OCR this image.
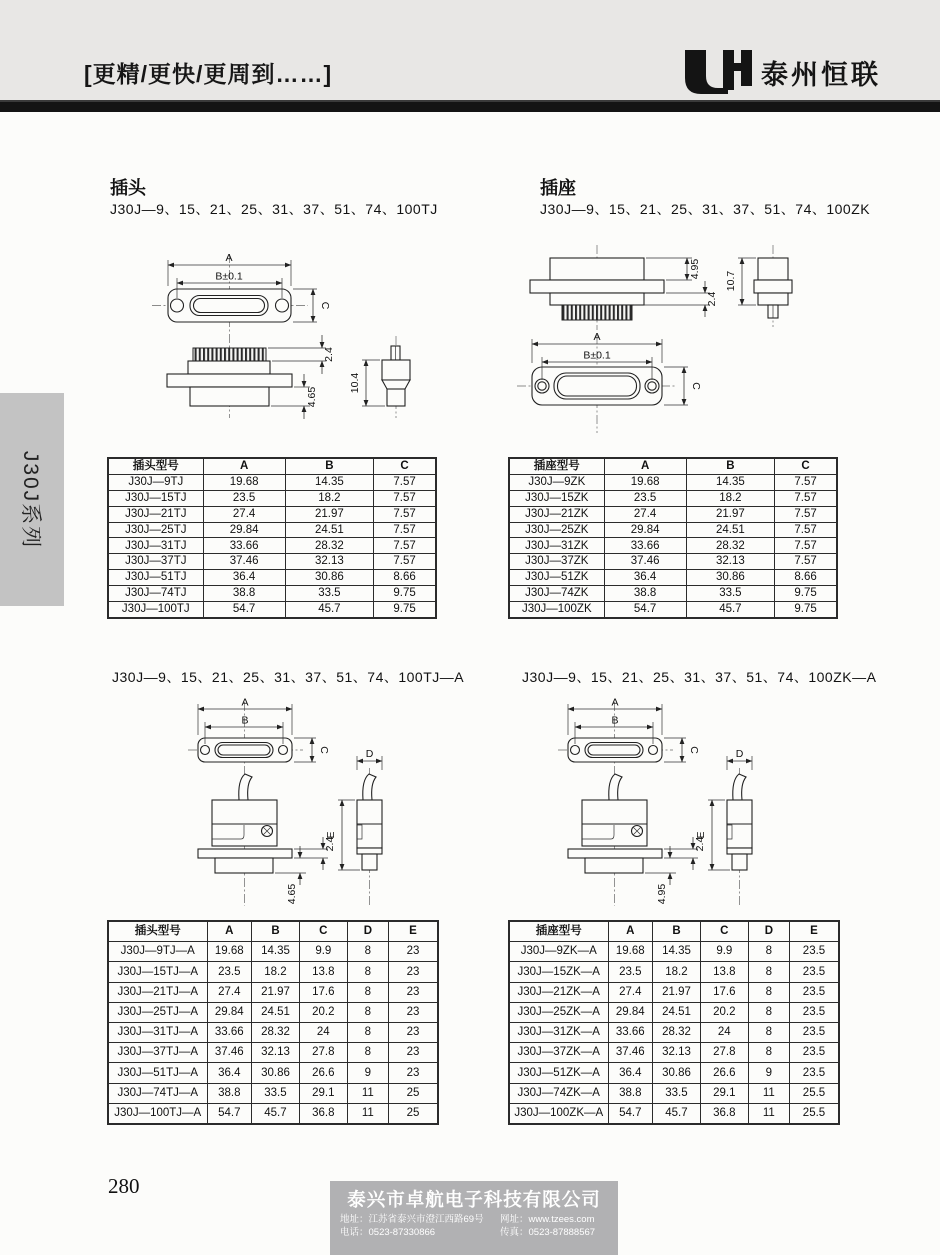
[更精/更快/更周到……]	泰州恒联
J30J系列
插头
J30J—9、15、21、25、31、37、51、74、100TJ
插座
J30J—9、15、21、25、31、37、51、74、100ZK
J30J—9、15、21、25、31、37、51、74、100TJ—A	J30J—9、15、21、25、31、37、51、74、100ZK—A
A
B±0.1
C
2.4
4.65
10.4
4.95
2.4
10.7
A
B±0.1
C
A
B
C
2.4
4.65
D
E
A
B
C
2.4
4.95
D
E
插头型号	A	B	C
J30J—9TJ	19.68	14.35	7.57
J30J—15TJ	23.5	18.2	7.57
J30J—21TJ	27.4	21.97	7.57
J30J—25TJ	29.84	24.51	7.57
J30J—31TJ	33.66	28.32	7.57
J30J—37TJ	37.46	32.13	7.57
J30J—51TJ	36.4	30.86	8.66
J30J—74TJ	38.8	33.5	9.75
J30J—100TJ	54.7	45.7	9.75
插座型号	A	B	C
J30J—9ZK	19.68	14.35	7.57
J30J—15ZK	23.5	18.2	7.57
J30J—21ZK	27.4	21.97	7.57
J30J—25ZK	29.84	24.51	7.57
J30J—31ZK	33.66	28.32	7.57
J30J—37ZK	37.46	32.13	7.57
J30J—51ZK	36.4	30.86	8.66
J30J—74ZK	38.8	33.5	9.75
J30J—100ZK	54.7	45.7	9.75
插头型号	A	B	C	D	E
J30J—9TJ—A	19.68	14.35	9.9	8	23
J30J—15TJ—A	23.5	18.2	13.8	8	23
J30J—21TJ—A	27.4	21.97	17.6	8	23
J30J—25TJ—A	29.84	24.51	20.2	8	23
J30J—31TJ—A	33.66	28.32	24	8	23
J30J—37TJ—A	37.46	32.13	27.8	8	23
J30J—51TJ—A	36.4	30.86	26.6	9	23
J30J—74TJ—A	38.8	33.5	29.1	11	25
J30J—100TJ—A	54.7	45.7	36.8	11	25
插座型号	A	B	C	D	E
J30J—9ZK—A	19.68	14.35	9.9	8	23.5
J30J—15ZK—A	23.5	18.2	13.8	8	23.5
J30J—21ZK—A	27.4	21.97	17.6	8	23.5
J30J—25ZK—A	29.84	24.51	20.2	8	23.5
J30J—31ZK—A	33.66	28.32	24	8	23.5
J30J—37ZK—A	37.46	32.13	27.8	8	23.5
J30J—51ZK—A	36.4	30.86	26.6	9	23.5
J30J—74ZK—A	38.8	33.5	29.1	11	25.5
J30J—100ZK—A	54.7	45.7	36.8	11	25.5
280
泰兴市卓航电子科技有限公司
地址：江苏省泰兴市澄江西路69号	网址：www.tzees.com
电话：0523-87330866	传真：0523-87888567
